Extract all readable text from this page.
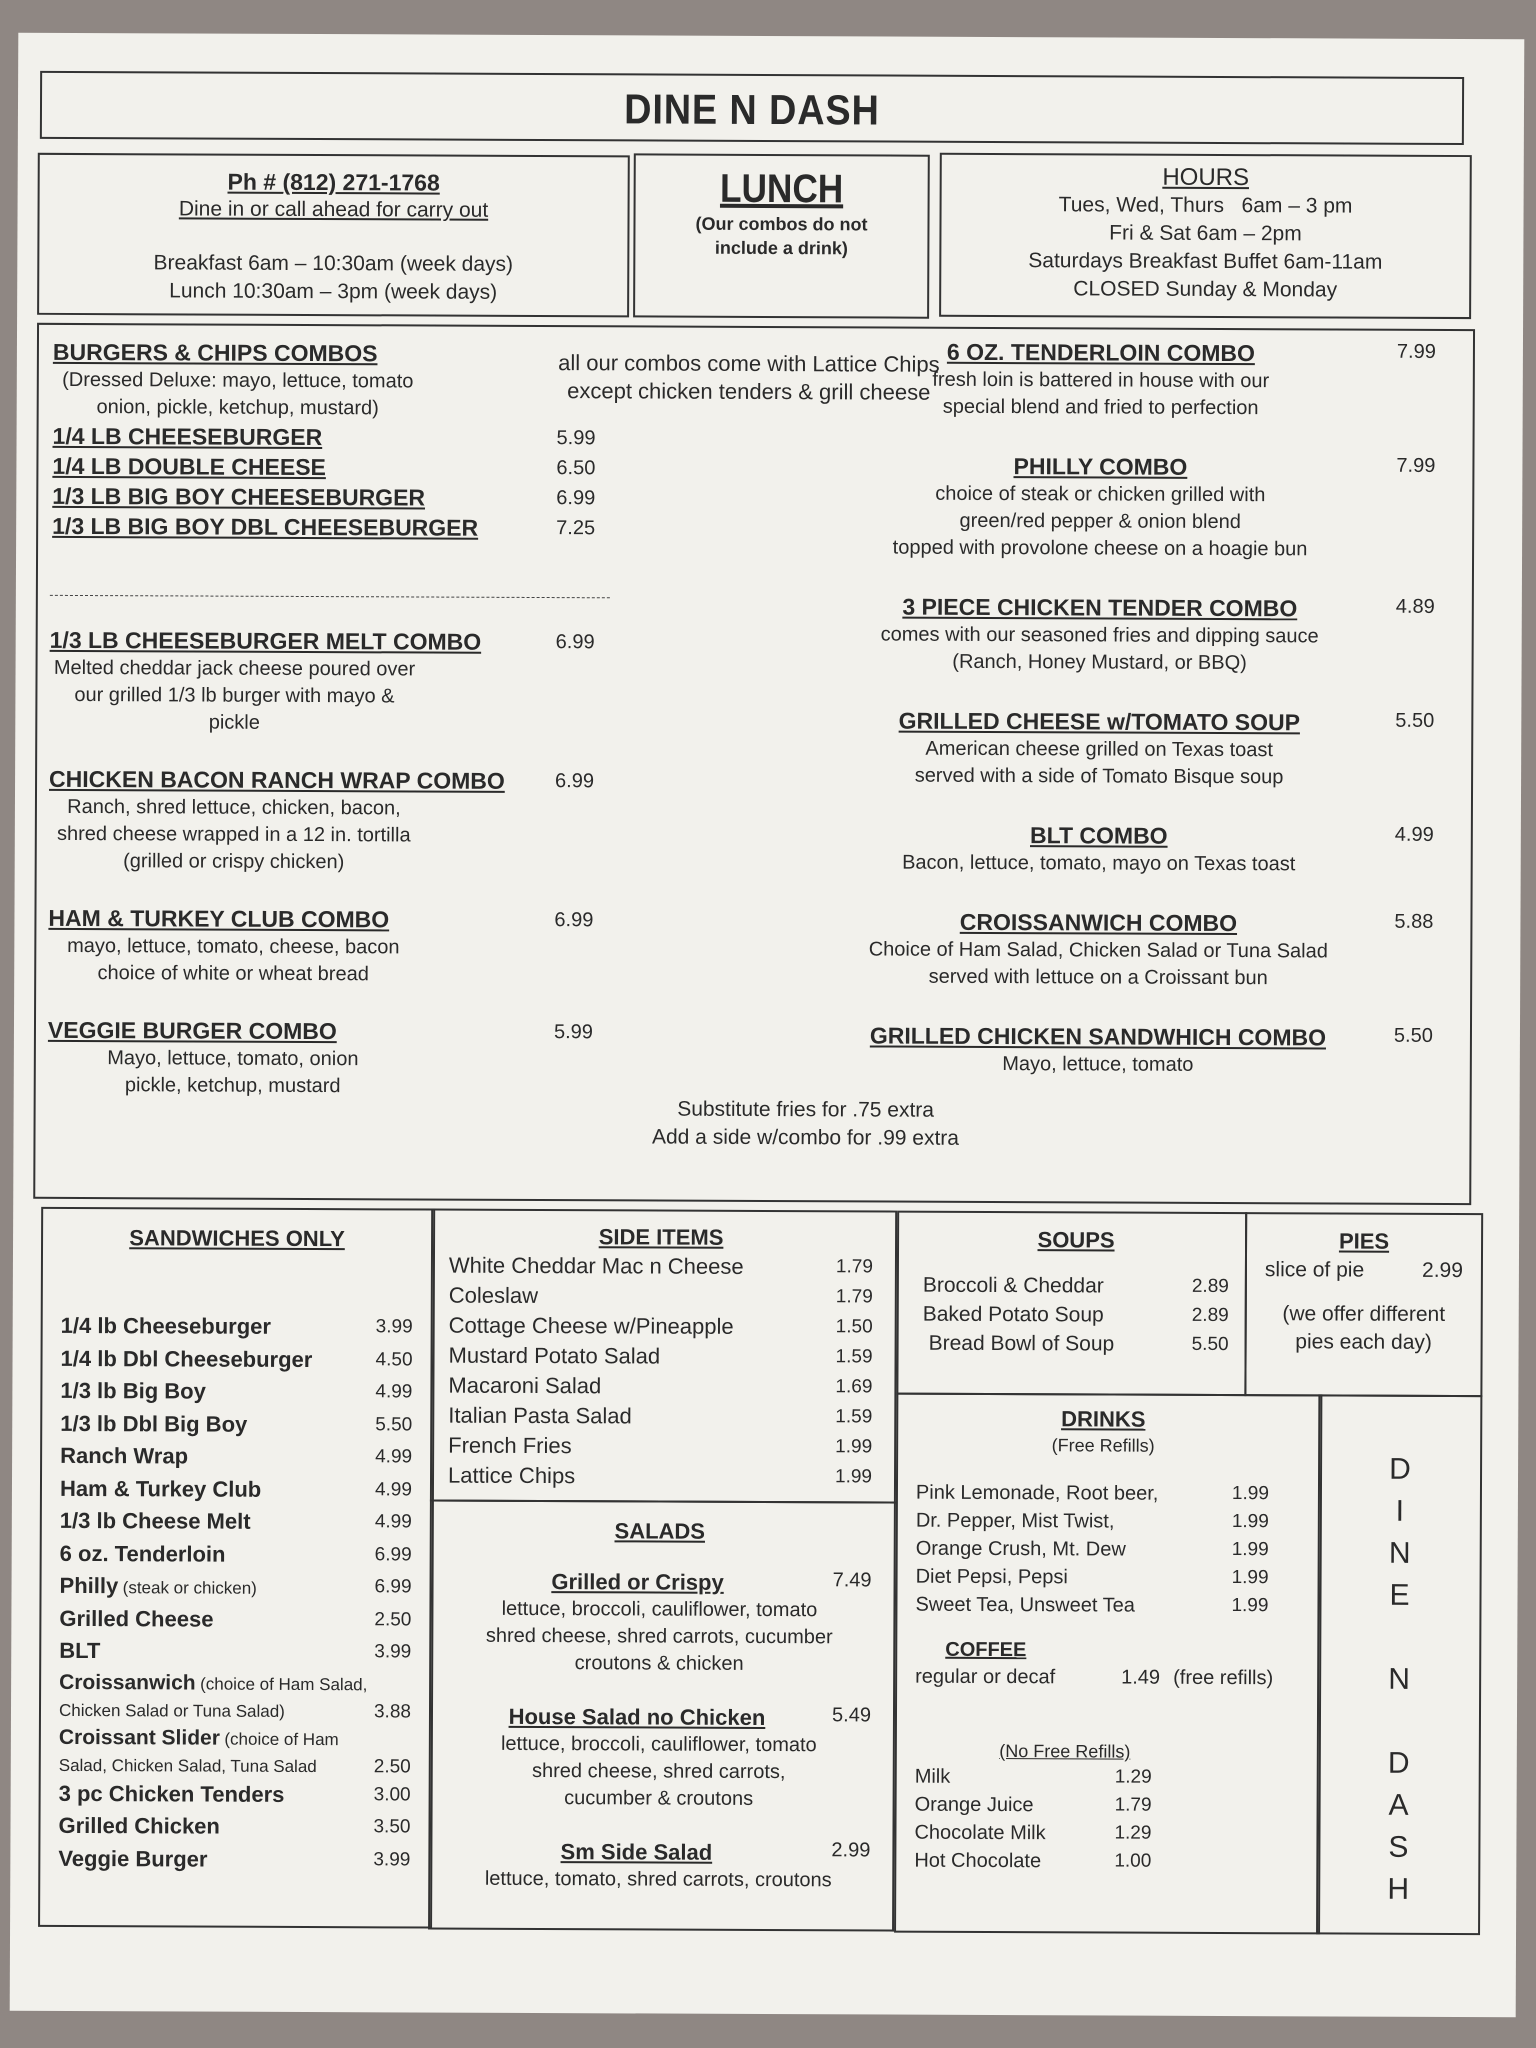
DINE N DASH
Ph # (812) 271-1768
Dine in or call ahead for carry out
Breakfast 6am – 10:30am (week days)
Lunch 10:30am – 3pm (week days)
LUNCH
(Our combos do not
include a drink)
HOURS
Tues, Wed, Thurs   6am – 3 pm
Fri & Sat 6am – 2pm
Saturdays Breakfast Buffet 6am-11am
CLOSED Sunday & Monday
BURGERS & CHIPS COMBOS
(Dressed Deluxe: mayo, lettuce, tomato
onion, pickle, ketchup, mustard)
1/4 LB CHEESEBURGER	5.99
1/4 LB DOUBLE CHEESE	6.50
1/3 LB BIG BOY CHEESEBURGER	6.99
1/3 LB BIG BOY DBL CHEESEBURGER	7.25
all our combos come with Lattice Chips
except chicken tenders & grill cheese
1/3 LB CHEESEBURGER MELT COMBO	6.99
Melted cheddar jack cheese poured over
our grilled 1/3 lb burger with mayo & pickle
CHICKEN BACON RANCH WRAP COMBO	6.99
Ranch, shred lettuce, chicken, bacon,
shred cheese wrapped in a 12 in. tortilla
(grilled or crispy chicken)
HAM & TURKEY CLUB COMBO	6.99
mayo, lettuce, tomato, cheese, bacon
choice of white or wheat bread
VEGGIE BURGER COMBO	5.99
Mayo, lettuce, tomato, onion
pickle, ketchup, mustard
6 OZ. TENDERLOIN COMBO	7.99
fresh loin is battered in house with our
special blend and fried to perfection
PHILLY COMBO	7.99
choice of steak or chicken grilled with
green/red pepper & onion blend
topped with provolone cheese on a hoagie bun
3 PIECE CHICKEN TENDER COMBO	4.89
comes with our seasoned fries and dipping sauce
(Ranch, Honey Mustard, or BBQ)
GRILLED CHEESE w/TOMATO SOUP	5.50
American cheese grilled on Texas toast
served with a side of Tomato Bisque soup
BLT COMBO	4.99
Bacon, lettuce, tomato, mayo on Texas toast
CROISSANWICH COMBO	5.88
Choice of Ham Salad, Chicken Salad or Tuna Salad
served with lettuce on a Croissant bun
GRILLED CHICKEN SANDWHICH COMBO	5.50
Mayo, lettuce, tomato
Substitute fries for .75 extra
Add a side w/combo for .99 extra
SANDWICHES ONLY
1/4 lb Cheeseburger	3.99
1/4 lb Dbl Cheeseburger	4.50
1/3 lb Big Boy	4.99
1/3 lb Dbl Big Boy	5.50
Ranch Wrap	4.99
Ham & Turkey Club	4.99
1/3 lb Cheese Melt	4.99
6 oz. Tenderloin	6.99
Philly (steak or chicken)	6.99
Grilled Cheese	2.50
BLT	3.99
Croissanwich (choice of Ham Salad,
Chicken Salad or Tuna Salad)	3.88
Croissant Slider (choice of Ham
Salad, Chicken Salad, Tuna Salad	2.50
3 pc Chicken Tenders	3.00
Grilled Chicken	3.50
Veggie Burger	3.99
SIDE ITEMS
White Cheddar Mac n Cheese	1.79
Coleslaw	1.79
Cottage Cheese w/Pineapple	1.50
Mustard Potato Salad	1.59
Macaroni Salad	1.69
Italian Pasta Salad	1.59
French Fries	1.99
Lattice Chips	1.99
SALADS
Grilled or Crispy	7.49
lettuce, broccoli, cauliflower, tomato
shred cheese, shred carrots, cucumber
croutons & chicken
House Salad no Chicken	5.49
lettuce, broccoli, cauliflower, tomato
shred cheese, shred carrots,
cucumber & croutons
Sm Side Salad	2.99
lettuce, tomato, shred carrots, croutons
SOUPS
Broccoli & Cheddar	2.89
Baked Potato Soup	2.89
Bread Bowl of Soup	5.50
PIES
slice of pie	2.99
(we offer different
pies each day)
DRINKS
(Free Refills)
Pink Lemonade, Root beer,	1.99
Dr. Pepper, Mist Twist,	1.99
Orange Crush, Mt. Dew	1.99
Diet Pepsi, Pepsi	1.99
Sweet Tea, Unsweet Tea	1.99
COFFEE
regular or decaf	1.49 (free refills)
(No Free Refills)
Milk	1.29
Orange Juice	1.79
Chocolate Milk	1.29
Hot Chocolate	1.00
D
I
N
E
N
D
A
S
H
